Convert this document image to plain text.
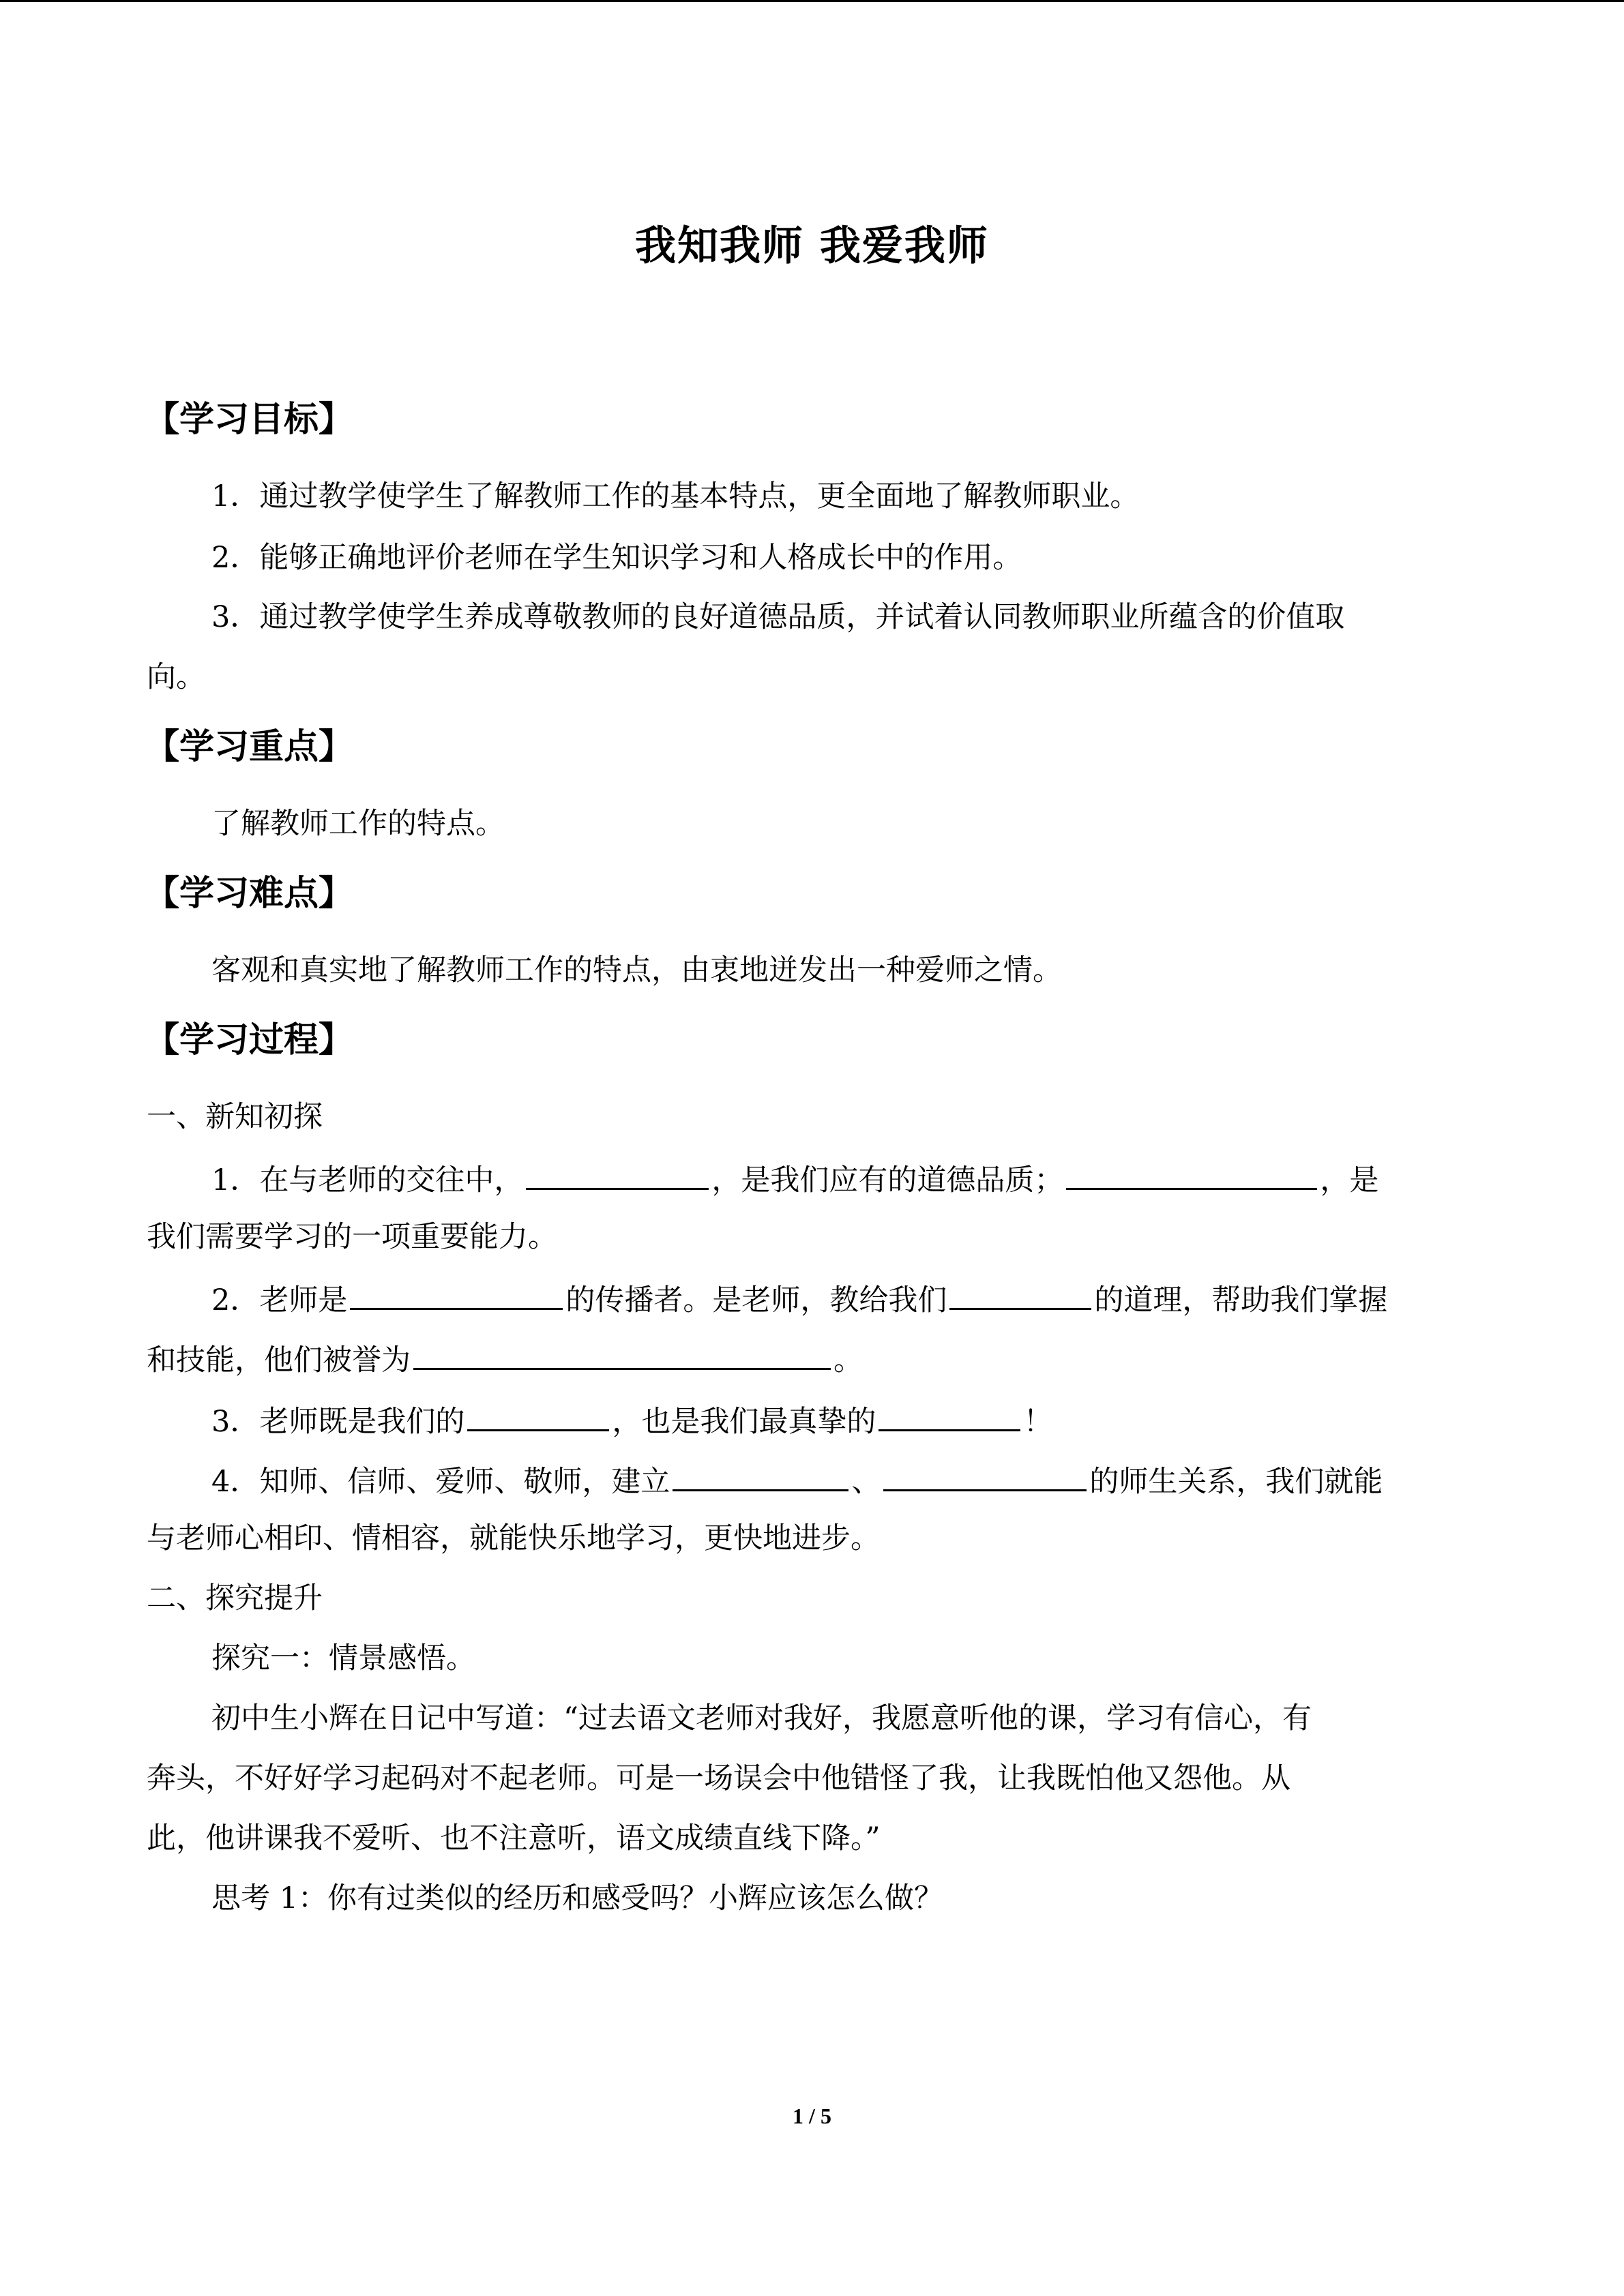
我知我师 我爱我师
【学习目标】
1．通过教学使学生了解教师工作的基本特点，更全面地了解教师职业。
2．能够正确地评价老师在学生知识学习和人格成长中的作用。
3．通过教学使学生养成尊敬教师的良好道德品质，并试着认同教师职业所蕴含的价值取
向。
【学习重点】
了解教师工作的特点。
【学习难点】
客观和真实地了解教师工作的特点，由衷地迸发出一种爱师之情。
【学习过程】
一、新知初探
1．在与老师的交往中，	，是我们应有的道德品质；	，是
我们需要学习的一项重要能力。
2．老师是	的传播者。是老师，教给我们	的道理，帮助我们掌握
和技能，他们被誉为	。
3．老师既是我们的	，也是我们最真挚的	！
4．知师、信师、爱师、敬师，建立	、	的师生关系，我们就能
与老师心相印、情相容，就能快乐地学习，更快地进步。
二、探究提升
探究一：情景感悟。
初中生小辉在日记中写道：“过去语文老师对我好，我愿意听他的课，学习有信心，有
奔头，不好好学习起码对不起老师。可是一场误会中他错怪了我，让我既怕他又怨他。从
此，他讲课我不爱听、也不注意听，语文成绩直线下降。”
思考 1：你有过类似的经历和感受吗？小辉应该怎么做？
1 / 5
